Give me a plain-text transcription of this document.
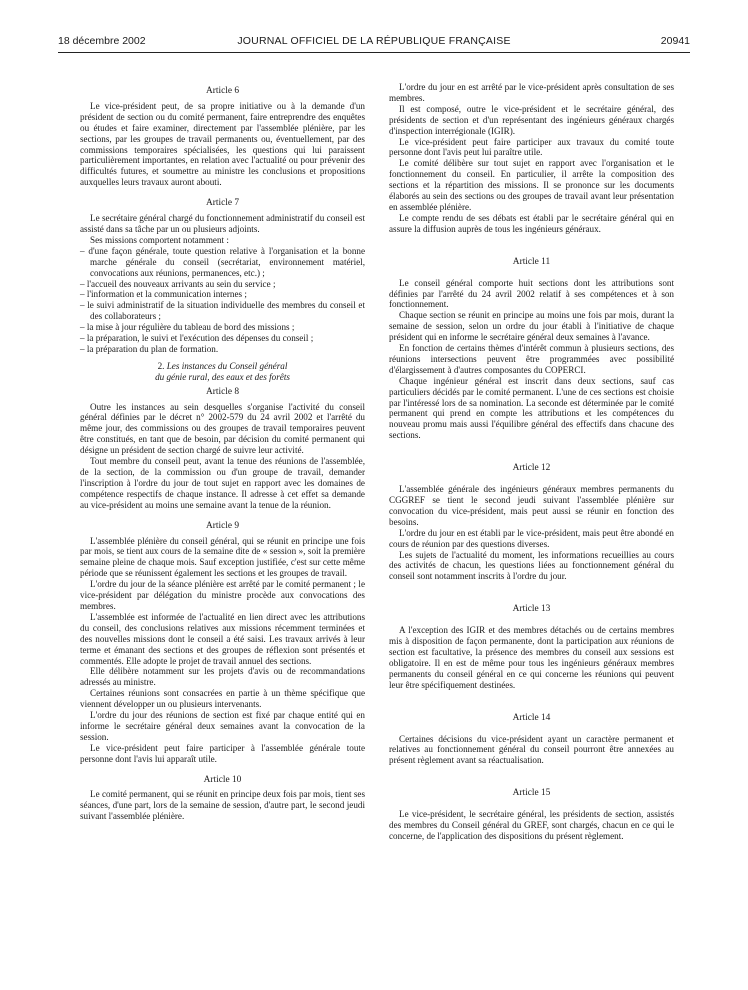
18 décembre 2002	JOURNAL OFFICIEL DE LA RÉPUBLIQUE FRANÇAISE	20941
Article 6

Le vice-président peut, de sa propre initiative ou à la demande d'un président de section ou du comité permanent, faire entreprendre des enquêtes ou études et faire examiner, directement par l'assemblée plénière, par les sections, par les groupes de travail permanents ou, éventuellement, par des commissions temporaires spécialisées, les questions qui lui paraissent particulièrement importantes, en relation avec l'actualité ou pour prévenir des difficultés futures, et soumettre au ministre les conclusions et propositions auxquelles leurs travaux auront abouti.

Article 7

Le secrétaire général chargé du fonctionnement administratif du conseil est assisté dans sa tâche par un ou plusieurs adjoints.

Ses missions comportent notamment :

– d'une façon générale, toute question relative à l'organisation et la bonne marche générale du conseil (secrétariat, environnement matériel, convocations aux réunions, permanences, etc.) ;
– l'accueil des nouveaux arrivants au sein du service ;
– l'information et la communication internes ;
– le suivi administratif de la situation individuelle des membres du conseil et des collaborateurs ;
– la mise à jour régulière du tableau de bord des missions ;
– la préparation, le suivi et l'exécution des dépenses du conseil ;
– la préparation du plan de formation.
2. Les instances du Conseil général
du génie rural, des eaux et des forêts
Article 8

Outre les instances au sein desquelles s'organise l'activité du conseil général définies par le décret n° 2002-579 du 24 avril 2002 et l'arrêté du même jour, des commissions ou des groupes de travail temporaires peuvent être constitués, en tant que de besoin, par décision du comité permanent qui désigne un président de section chargé de suivre leur activité.

Tout membre du conseil peut, avant la tenue des réunions de l'assemblée, de la section, de la commission ou d'un groupe de travail, demander l'inscription à l'ordre du jour de tout sujet en rapport avec les domaines de compétence respectifs de chaque instance. Il adresse à cet effet sa demande au vice-président au moins une semaine avant la tenue de la réunion.

Article 9

L'assemblée plénière du conseil général, qui se réunit en principe une fois par mois, se tient aux cours de la semaine dite de « session », soit la première semaine pleine de chaque mois. Sauf exception justifiée, c'est sur cette même période que se réunissent également les sections et les groupes de travail.

L'ordre du jour de la séance plénière est arrêté par le comité permanent ; le vice-président par délégation du ministre procède aux convocations des membres.

L'assemblée est informée de l'actualité en lien direct avec les attributions du conseil, des conclusions relatives aux missions récemment terminées et des nouvelles missions dont le conseil a été saisi. Les travaux arrivés à leur terme et émanant des sections et des groupes de réflexion sont présentés et commentés. Elle adopte le projet de travail annuel des sections.

Elle délibère notamment sur les projets d'avis ou de recommandations adressés au ministre.

Certaines réunions sont consacrées en partie à un thème spécifique que viennent développer un ou plusieurs intervenants.

L'ordre du jour des réunions de section est fixé par chaque entité qui en informe le secrétaire général deux semaines avant la convocation de la session.

Le vice-président peut faire participer à l'assemblée générale toute personne dont l'avis lui apparaît utile.

Article 10

Le comité permanent, qui se réunit en principe deux fois par mois, tient ses séances, d'une part, lors de la semaine de session, d'autre part, le second jeudi suivant l'assemblée plénière.

L'ordre du jour en est arrêté par le vice-président après consultation de ses membres.

Il est composé, outre le vice-président et le secrétaire général, des présidents de section et d'un représentant des ingénieurs généraux chargés d'inspection interrégionale (IGIR).

Le vice-président peut faire participer aux travaux du comité toute personne dont l'avis peut lui paraître utile.

Le comité délibère sur tout sujet en rapport avec l'organisation et le fonctionnement du conseil. En particulier, il arrête la composition des sections et la répartition des missions. Il se prononce sur les documents élaborés au sein des sections ou des groupes de travail avant leur présentation en assemblée plénière.

Le compte rendu de ses débats est établi par le secrétaire général qui en assure la diffusion auprès de tous les ingénieurs généraux.

Article 11

Le conseil général comporte huit sections dont les attributions sont définies par l'arrêté du 24 avril 2002 relatif à ses compétences et à son fonctionnement.

Chaque section se réunit en principe au moins une fois par mois, durant la semaine de session, selon un ordre du jour établi à l'initiative de chaque président qui en informe le secrétaire général deux semaines à l'avance.

En fonction de certains thèmes d'intérêt commun à plusieurs sections, des réunions intersections peuvent être programmées avec possibilité d'élargissement à d'autres composantes du COPERCI.

Chaque ingénieur général est inscrit dans deux sections, sauf cas particuliers décidés par le comité permanent. L'une de ces sections est choisie par l'intéressé lors de sa nomination. La seconde est déterminée par le comité permanent qui prend en compte les attributions et les compétences du nouveau promu mais aussi l'équilibre général des effectifs dans chacune des sections.

Article 12

L'assemblée générale des ingénieurs généraux membres permanents du CGGREF se tient le second jeudi suivant l'assemblée plénière sur convocation du vice-président, mais peut aussi se réunir en fonction des besoins.

L'ordre du jour en est établi par le vice-président, mais peut être abondé en cours de réunion par des questions diverses.

Les sujets de l'actualité du moment, les informations recueillies au cours des activités de chacun, les questions liées au fonctionnement général du conseil sont notamment inscrits à l'ordre du jour.

Article 13

A l'exception des IGIR et des membres détachés ou de certains membres mis à disposition de façon permanente, dont la participation aux réunions de section est facultative, la présence des membres du conseil aux sessions est obligatoire. Il en est de même pour tous les ingénieurs généraux membres permanents du conseil général en ce qui concerne les réunions qui peuvent leur être spécifiquement destinées.

Article 14

Certaines décisions du vice-président ayant un caractère permanent et relatives au fonctionnement général du conseil pourront être annexées au présent règlement avant sa réactualisation.

Article 15

Le vice-président, le secrétaire général, les présidents de section, assistés des membres du Conseil général du GREF, sont chargés, chacun en ce qui le concerne, de l'application des dispositions du présent règlement.
